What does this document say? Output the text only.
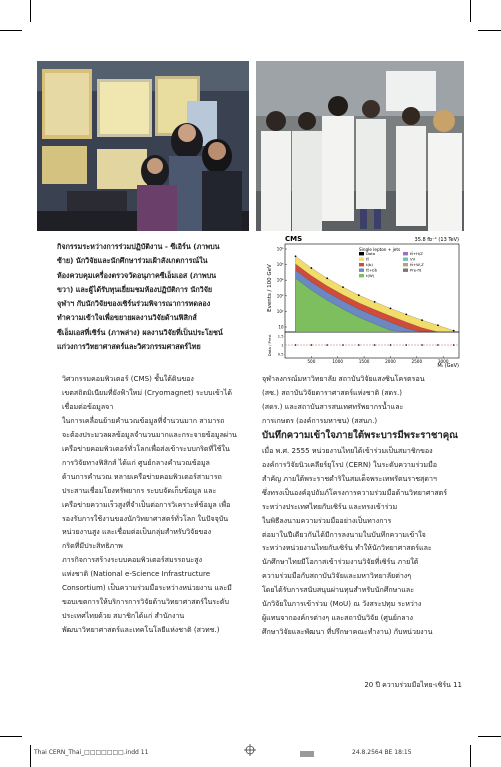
กิจกรรมระหว่างการร่วมปฏิบัติงาน - ซีเอิร์น (ภาพบน
ซ้าย) นักวิจัยและนักศึกษาร่วมเฝ้าสังเกตการณ์ใน
ห้องควบคุมเครื่องตรวจวัดอนุภาคซีเอ็มเอส (ภาพบน
ขวา) และผู้ได้รับทุนเยี่ยมชมห้องปฏิบัติการ นักวิจัย
จุฬาฯ กับนักวิจัยของเซิร์นร่วมพิจารณาการทดลอง
ทำความเข้าใจเพื่อขยายผลงานวิจัยด้านฟิสิกส์
ซีเอ็มเอสที่เซิร์น (ภาพล่าง) ผลงานวิจัยที่เป็นประโยชน์
แก่วงการวิทยาศาสตร์และวิศวกรรมศาสตร์ไทย
CMS	35.8 fb⁻¹ (13 TeV)
Events / 100 GeV
Data / Pred.
Mₜ (GeV)
Single lepton + jets
Data
tt̄
t(b)
tt̄+bb̄
t(W)
tt̄+H/Z
VV
tt̄+W,Z
Pre-fit
10⁶
10⁵
10⁴
10³
10²
10
500	1000	1500	2000	2500	3000
1.5
1
0.5
วิศวกรรมคอมพิวเตอร์ (CMS) ชั้นใต้ดินของ
เขตสถิตมิเนียมที่ยังฟ้าใหม่ (Cryomagnet) ระบบเข้าได้
เชื่อมต่อข้อมูลจา
ในการเคลื่อนย้ายคำนวณข้อมูลที่จำนวนมาก สามารถ
จะต้องประมวลผลข้อมูลจำนวนมากและกระจายข้อมูลผ่าน
เครือข่ายคอมพิวเตอร์ทั่วโลกเพื่อส่งเข้าระบบกริดที่ใช้ใน
การวิจัยทางฟิสิกส์ ได้แก่ ศูนย์กลางคำนวณข้อมูล
ด้านการคำนวณ หลายเครือข่ายคอมพิวเตอร์สามารถ
ประสานเชื่อมโยงทรัพยากร ระบบจัดเก็บข้อมูล และ
เครือข่ายความเร็วสูงที่จำเป็นต่อการวิเคราะห์ข้อมูล เพื่อ
รองรับการใช้งานของนักวิทยาศาสตร์ทั่วโลก ในปัจจุบัน
หน่วยงานสูง และเชื่อมต่อเป็นกลุ่มสำหรับวิจัยของ
กริดที่มีประสิทธิภาพ
ภารกิจการสร้างระบบคอมพิวเตอร์สมรรถนะสูง
แห่งชาติ (National e-Science Infrastructure
Consortium) เป็นความร่วมมือระหว่างหน่วยงาน และมี
ขอบเขตการให้บริการการวิจัยด้านวิทยาศาสตร์ในระดับ
ประเทศไทยด้วย สมาชิกได้แก่ สำนักงาน
พัฒนาวิทยาศาสตร์และเทคโนโลยีแห่งชาติ (สวทช.)
จุฬาลงกรณ์มหาวิทยาลัย สถาบันวิจัยแสงซินโครตรอน
(สซ.) สถาบันวิจัยดาราศาสตร์แห่งชาติ (สดร.)
(สดร.) และสถาบันสารสนเทศทรัพยากรน้ำและ
การเกษตร (องค์การมหาชน) (สสนก.)
บันทึกความเข้าใจภายใต้พระบารมีพระราชาคุณ
เมื่อ พ.ศ. 2555 หน่วยงานไทยได้เข้าร่วมเป็นสมาชิกของ
องค์การวิจัยนิวเคลียร์ยุโรป (CERN) ในระดับความร่วมมือ
สำคัญ ภายใต้พระราชดำริในสมเด็จพระเทพรัตนราชสุดาฯ
ซึ่งทรงเป็นองค์อุปถัมภ์โครงการความร่วมมือด้านวิทยาศาสตร์
ระหว่างประเทศไทยกับเซิร์น และทรงเข้าร่วม
ในพิธีลงนามความร่วมมืออย่างเป็นทางการ
ต่อมาในปีเดียวกันได้มีการลงนามในบันทึกความเข้าใจ
ระหว่างหน่วยงานไทยกับเซิร์น ทำให้นักวิทยาศาสตร์และ
นักศึกษาไทยมีโอกาสเข้าร่วมงานวิจัยที่เซิร์น ภายใต้
ความร่วมมือกับสถาบันวิจัยและมหาวิทยาลัยต่างๆ
โดยได้รับการสนับสนุนผ่านทุนสำหรับนักศึกษาและ
นักวิจัยในการเข้าร่วม (MoU) ณ วังสระปทุม ระหว่าง
ผู้แทนจากองค์กรต่างๆ และสถาบันวิจัย (ศูนย์กลาง
ศึกษาวิจัยและพัฒนา ที่ปรึกษาคณะทำงาน) กับหน่วยงาน
20 ปี ความร่วมมือไทย-เซิร์น 11
Thai CERN_Thai_□□□□□□□.indd 11	24.8.2564 BE 18:15
